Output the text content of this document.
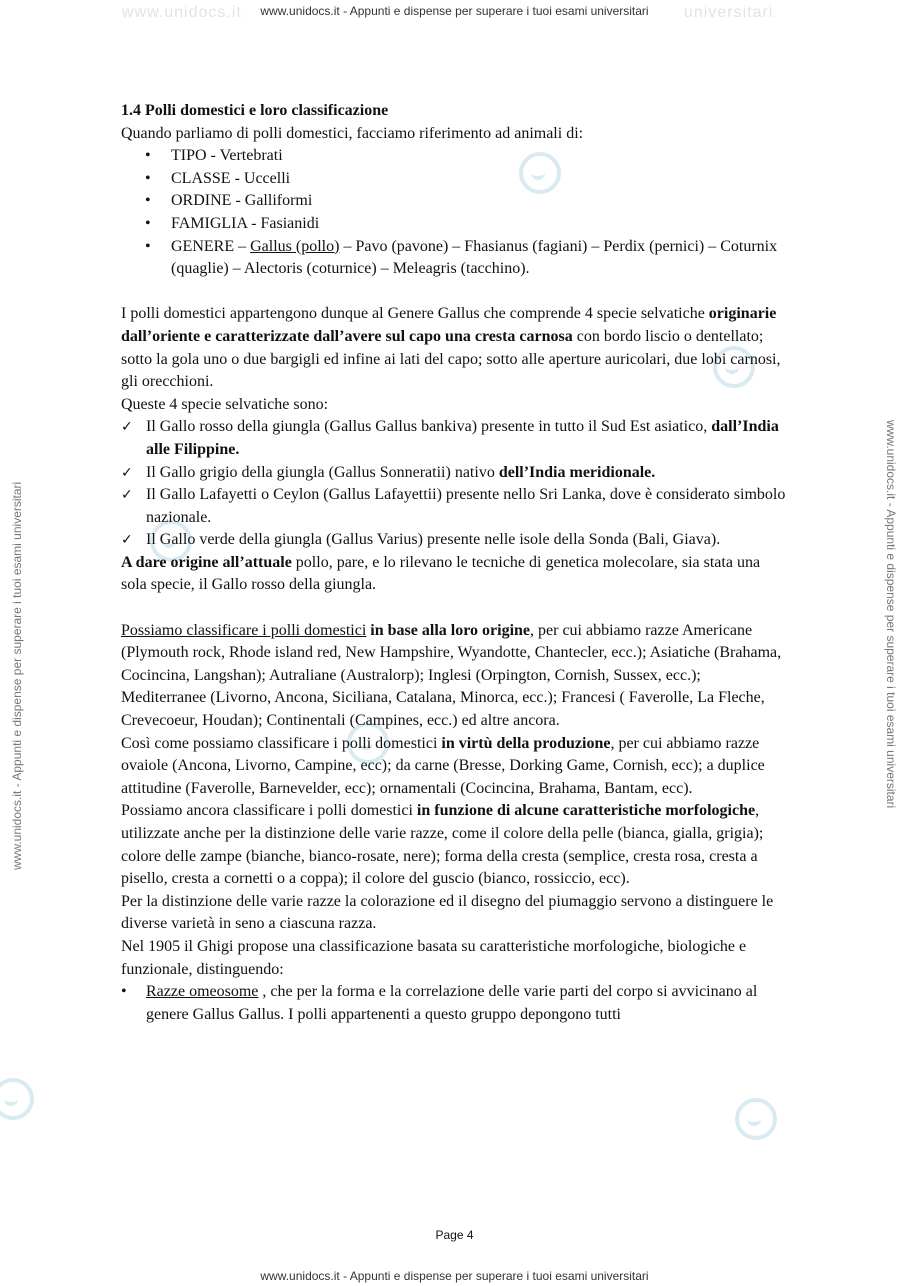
www.unidocs.it - Appunti e dispense per superare i tuoi esami universitari
www.unidocs.it	universitari
www.unidocs.it - Appunti e dispense per superare i tuoi esami universitari	www.unidocs.it - Appunti e dispense per superare i tuoi esami universitari
www.unidocs.it - Appunti e dispense per superare i tuoi esami universitari
1.4 Polli domestici e loro classificazione

Quando parliamo di polli domestici, facciamo riferimento ad animali di:

• TIPO - Vertebrati
• CLASSE - Uccelli
• ORDINE - Galliformi
• FAMIGLIA - Fasianidi
• GENERE – Gallus (pollo) – Pavo (pavone) – Fhasianus (fagiani) – Perdix (pernici) – Coturnix (quaglie) – Alectoris (coturnice) – Meleagris (tacchino).

I polli domestici appartengono dunque al Genere Gallus che comprende 4 specie selvatiche originarie dall’oriente e caratterizzate dall’avere sul capo una cresta carnosa con bordo liscio o dentellato; sotto la gola uno o due bargigli ed infine ai lati del capo; sotto alle aperture auricolari, due lobi carnosi, gli orecchioni.

Queste 4 specie selvatiche sono:

✓ Il Gallo rosso della giungla (Gallus Gallus bankiva) presente in tutto il Sud Est asiatico, dall’India alle Filippine.
✓ Il Gallo grigio della giungla (Gallus Sonneratii) nativo dell’India meridionale.
✓ Il Gallo Lafayetti o Ceylon (Gallus Lafayettii) presente nello Sri Lanka, dove è considerato simbolo nazionale.
✓ Il Gallo verde della giungla (Gallus Varius) presente nelle isole della Sonda (Bali, Giava).

A dare origine all’attuale pollo, pare, e lo rilevano le tecniche di genetica molecolare, sia stata una sola specie, il Gallo rosso della giungla.

Possiamo classificare i polli domestici in base alla loro origine, per cui abbiamo razze Americane (Plymouth rock, Rhode island red, New Hampshire, Wyandotte, Chantecler, ecc.); Asiatiche (Brahama, Cocincina, Langshan); Autraliane (Australorp); Inglesi (Orpington, Cornish, Sussex, ecc.); Mediterranee (Livorno, Ancona, Siciliana, Catalana, Minorca, ecc.); Francesi ( Faverolle, La Fleche, Crevecoeur, Houdan); Continentali (Campines, ecc.) ed altre ancora.

Così come possiamo classificare i polli domestici in virtù della produzione, per cui abbiamo razze ovaiole (Ancona, Livorno, Campine, ecc); da carne (Bresse, Dorking Game, Cornish, ecc); a duplice attitudine (Faverolle, Barnevelder, ecc); ornamentali (Cocincina, Brahama, Bantam, ecc).

Possiamo ancora classificare i polli domestici in funzione di alcune caratteristiche morfologiche, utilizzate anche per la distinzione delle varie razze, come il colore della pelle (bianca, gialla, grigia); colore delle zampe (bianche, bianco-rosate, nere); forma della cresta (semplice, cresta rosa, cresta a pisello, cresta a cornetti o a coppa); il colore del guscio (bianco, rossiccio, ecc).

Per la distinzione delle varie razze la colorazione ed il disegno del piumaggio servono a distinguere le diverse varietà in seno a ciascuna razza.

Nel 1905 il Ghigi propose una classificazione basata su caratteristiche morfologiche, biologiche e funzionale, distinguendo:

• Razze omeosome , che per la forma e la correlazione delle varie parti del corpo si avvicinano al genere Gallus Gallus. I polli appartenenti a questo gruppo depongono tutti
Page 4
